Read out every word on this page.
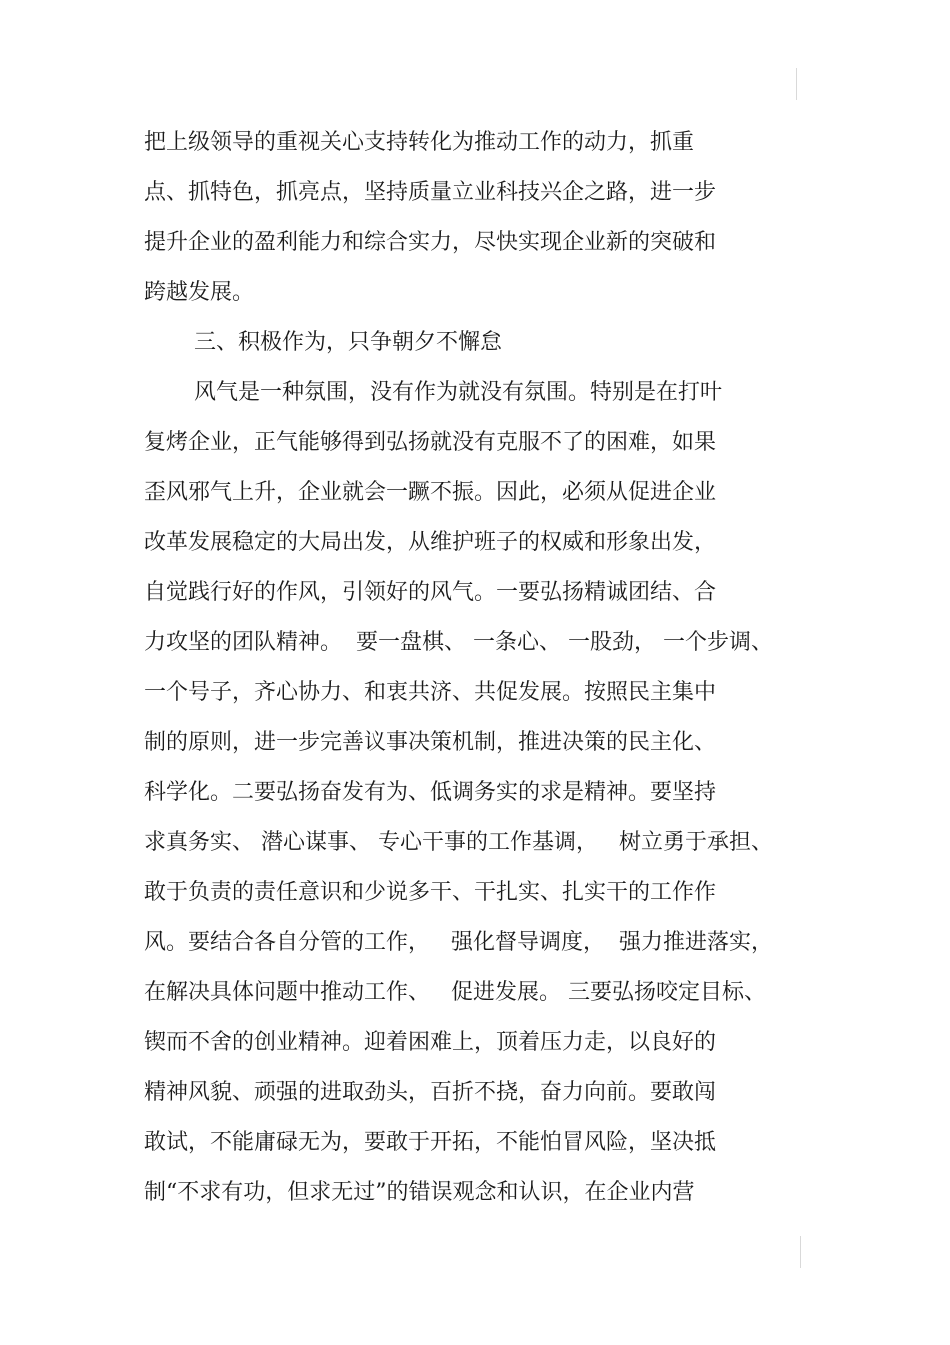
把上级领导的重视关心支持转化为推动工作的动力，抓重
点、抓特色，抓亮点，坚持质量立业科技兴企之路，进一步
提升企业的盈利能力和综合实力，尽快实现企业新的突破和
跨越发展。
三、积极作为，只争朝夕不懈怠
风气是一种氛围，没有作为就没有氛围。特别是在打叶
复烤企业，正气能够得到弘扬就没有克服不了的困难，如果
歪风邪气上升，企业就会一蹶不振。因此，必须从促进企业
改革发展稳定的大局出发，从维护班子的权威和形象出发，
自觉践行好的作风，引领好的风气。一要弘扬精诚团结、合
力攻坚的团队精神。  要一盘棋、 一条心、 一股劲， 一个步调、
一个号子，齐心协力、和衷共济、共促发展。按照民主集中
制的原则，进一步完善议事决策机制，推进决策的民主化、
科学化。二要弘扬奋发有为、低调务实的求是精神。要坚持
求真务实、 潜心谋事、 专心干事的工作基调，   树立勇于承担、
敢于负责的责任意识和少说多干、干扎实、扎实干的工作作
风。要结合各自分管的工作，   强化督导调度，  强力推进落实，
在解决具体问题中推动工作、   促进发展。 三要弘扬咬定目标、
锲而不舍的创业精神。迎着困难上，顶着压力走，以良好的
精神风貌、顽强的进取劲头，百折不挠，奋力向前。要敢闯
敢试，不能庸碌无为，要敢于开拓，不能怕冒风险，坚决抵
制“不求有功，但求无过”的错误观念和认识，在企业内营
